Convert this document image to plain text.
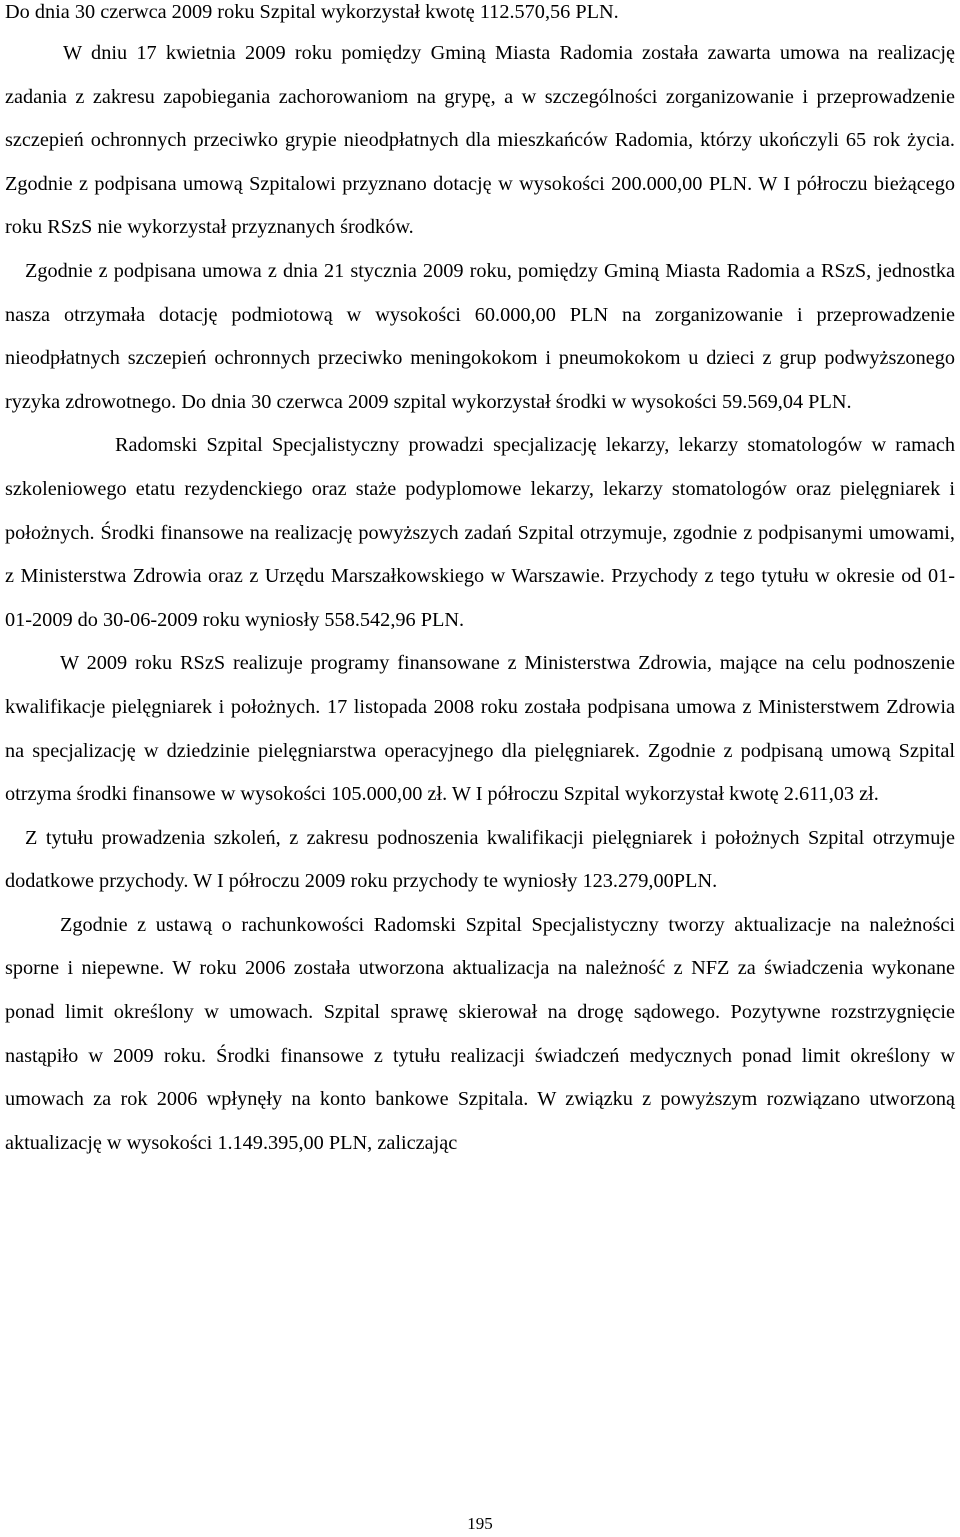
Do dnia 30 czerwca 2009 roku Szpital wykorzystał kwotę 112.570,56 PLN.

W dniu 17 kwietnia 2009 roku pomiędzy Gminą Miasta Radomia została zawarta umowa na realizację zadania z zakresu zapobiegania zachorowaniom na grypę, a w szczególności zorganizowanie i przeprowadzenie szczepień ochronnych przeciwko grypie nieodpłatnych dla mieszkańców Radomia, którzy ukończyli 65 rok życia. Zgodnie z podpisana umową Szpitalowi przyznano dotację w wysokości 200.000,00 PLN. W I półroczu bieżącego roku RSzS nie wykorzystał przyznanych środków.

Zgodnie z podpisana umowa z dnia 21 stycznia 2009 roku, pomiędzy Gminą Miasta Radomia a RSzS, jednostka nasza otrzymała dotację podmiotową w wysokości 60.000,00 PLN na zorganizowanie i przeprowadzenie nieodpłatnych szczepień ochronnych przeciwko meningokokom i pneumokokom u dzieci z grup podwyższonego ryzyka zdrowotnego. Do dnia 30 czerwca 2009 szpital wykorzystał środki w wysokości 59.569,04 PLN.

Radomski Szpital Specjalistyczny prowadzi specjalizację lekarzy, lekarzy stomatologów w ramach szkoleniowego etatu rezydenckiego oraz staże podyplomowe lekarzy, lekarzy stomatologów oraz pielęgniarek i położnych. Środki finansowe na realizację powyższych zadań Szpital otrzymuje, zgodnie z podpisanymi umowami, z Ministerstwa Zdrowia oraz z Urzędu Marszałkowskiego w Warszawie. Przychody z tego tytułu w okresie od 01-01-2009 do 30-06-2009 roku wyniosły 558.542,96 PLN.

W 2009 roku RSzS realizuje programy finansowane z Ministerstwa Zdrowia, mające na celu podnoszenie kwalifikacje pielęgniarek i położnych. 17 listopada 2008 roku została podpisana umowa z Ministerstwem Zdrowia na specjalizację w dziedzinie pielęgniarstwa operacyjnego dla pielęgniarek. Zgodnie z podpisaną umową Szpital otrzyma środki finansowe w wysokości 105.000,00 zł. W I półroczu Szpital wykorzystał kwotę 2.611,03 zł.

Z tytułu prowadzenia szkoleń, z zakresu podnoszenia kwalifikacji pielęgniarek i położnych Szpital otrzymuje dodatkowe przychody. W I półroczu 2009 roku przychody te wyniosły 123.279,00PLN.

Zgodnie z ustawą o rachunkowości Radomski Szpital Specjalistyczny tworzy aktualizacje na należności sporne i niepewne. W roku 2006 została utworzona aktualizacja na należność z NFZ za świadczenia wykonane ponad limit określony w umowach. Szpital sprawę skierował na drogę sądowego. Pozytywne rozstrzygnięcie nastąpiło w 2009 roku. Środki finansowe z tytułu realizacji świadczeń medycznych ponad limit określony w umowach za rok 2006 wpłynęły na konto bankowe Szpitala. W związku z powyższym rozwiązano utworzoną aktualizację w wysokości 1.149.395,00 PLN, zaliczając

195
